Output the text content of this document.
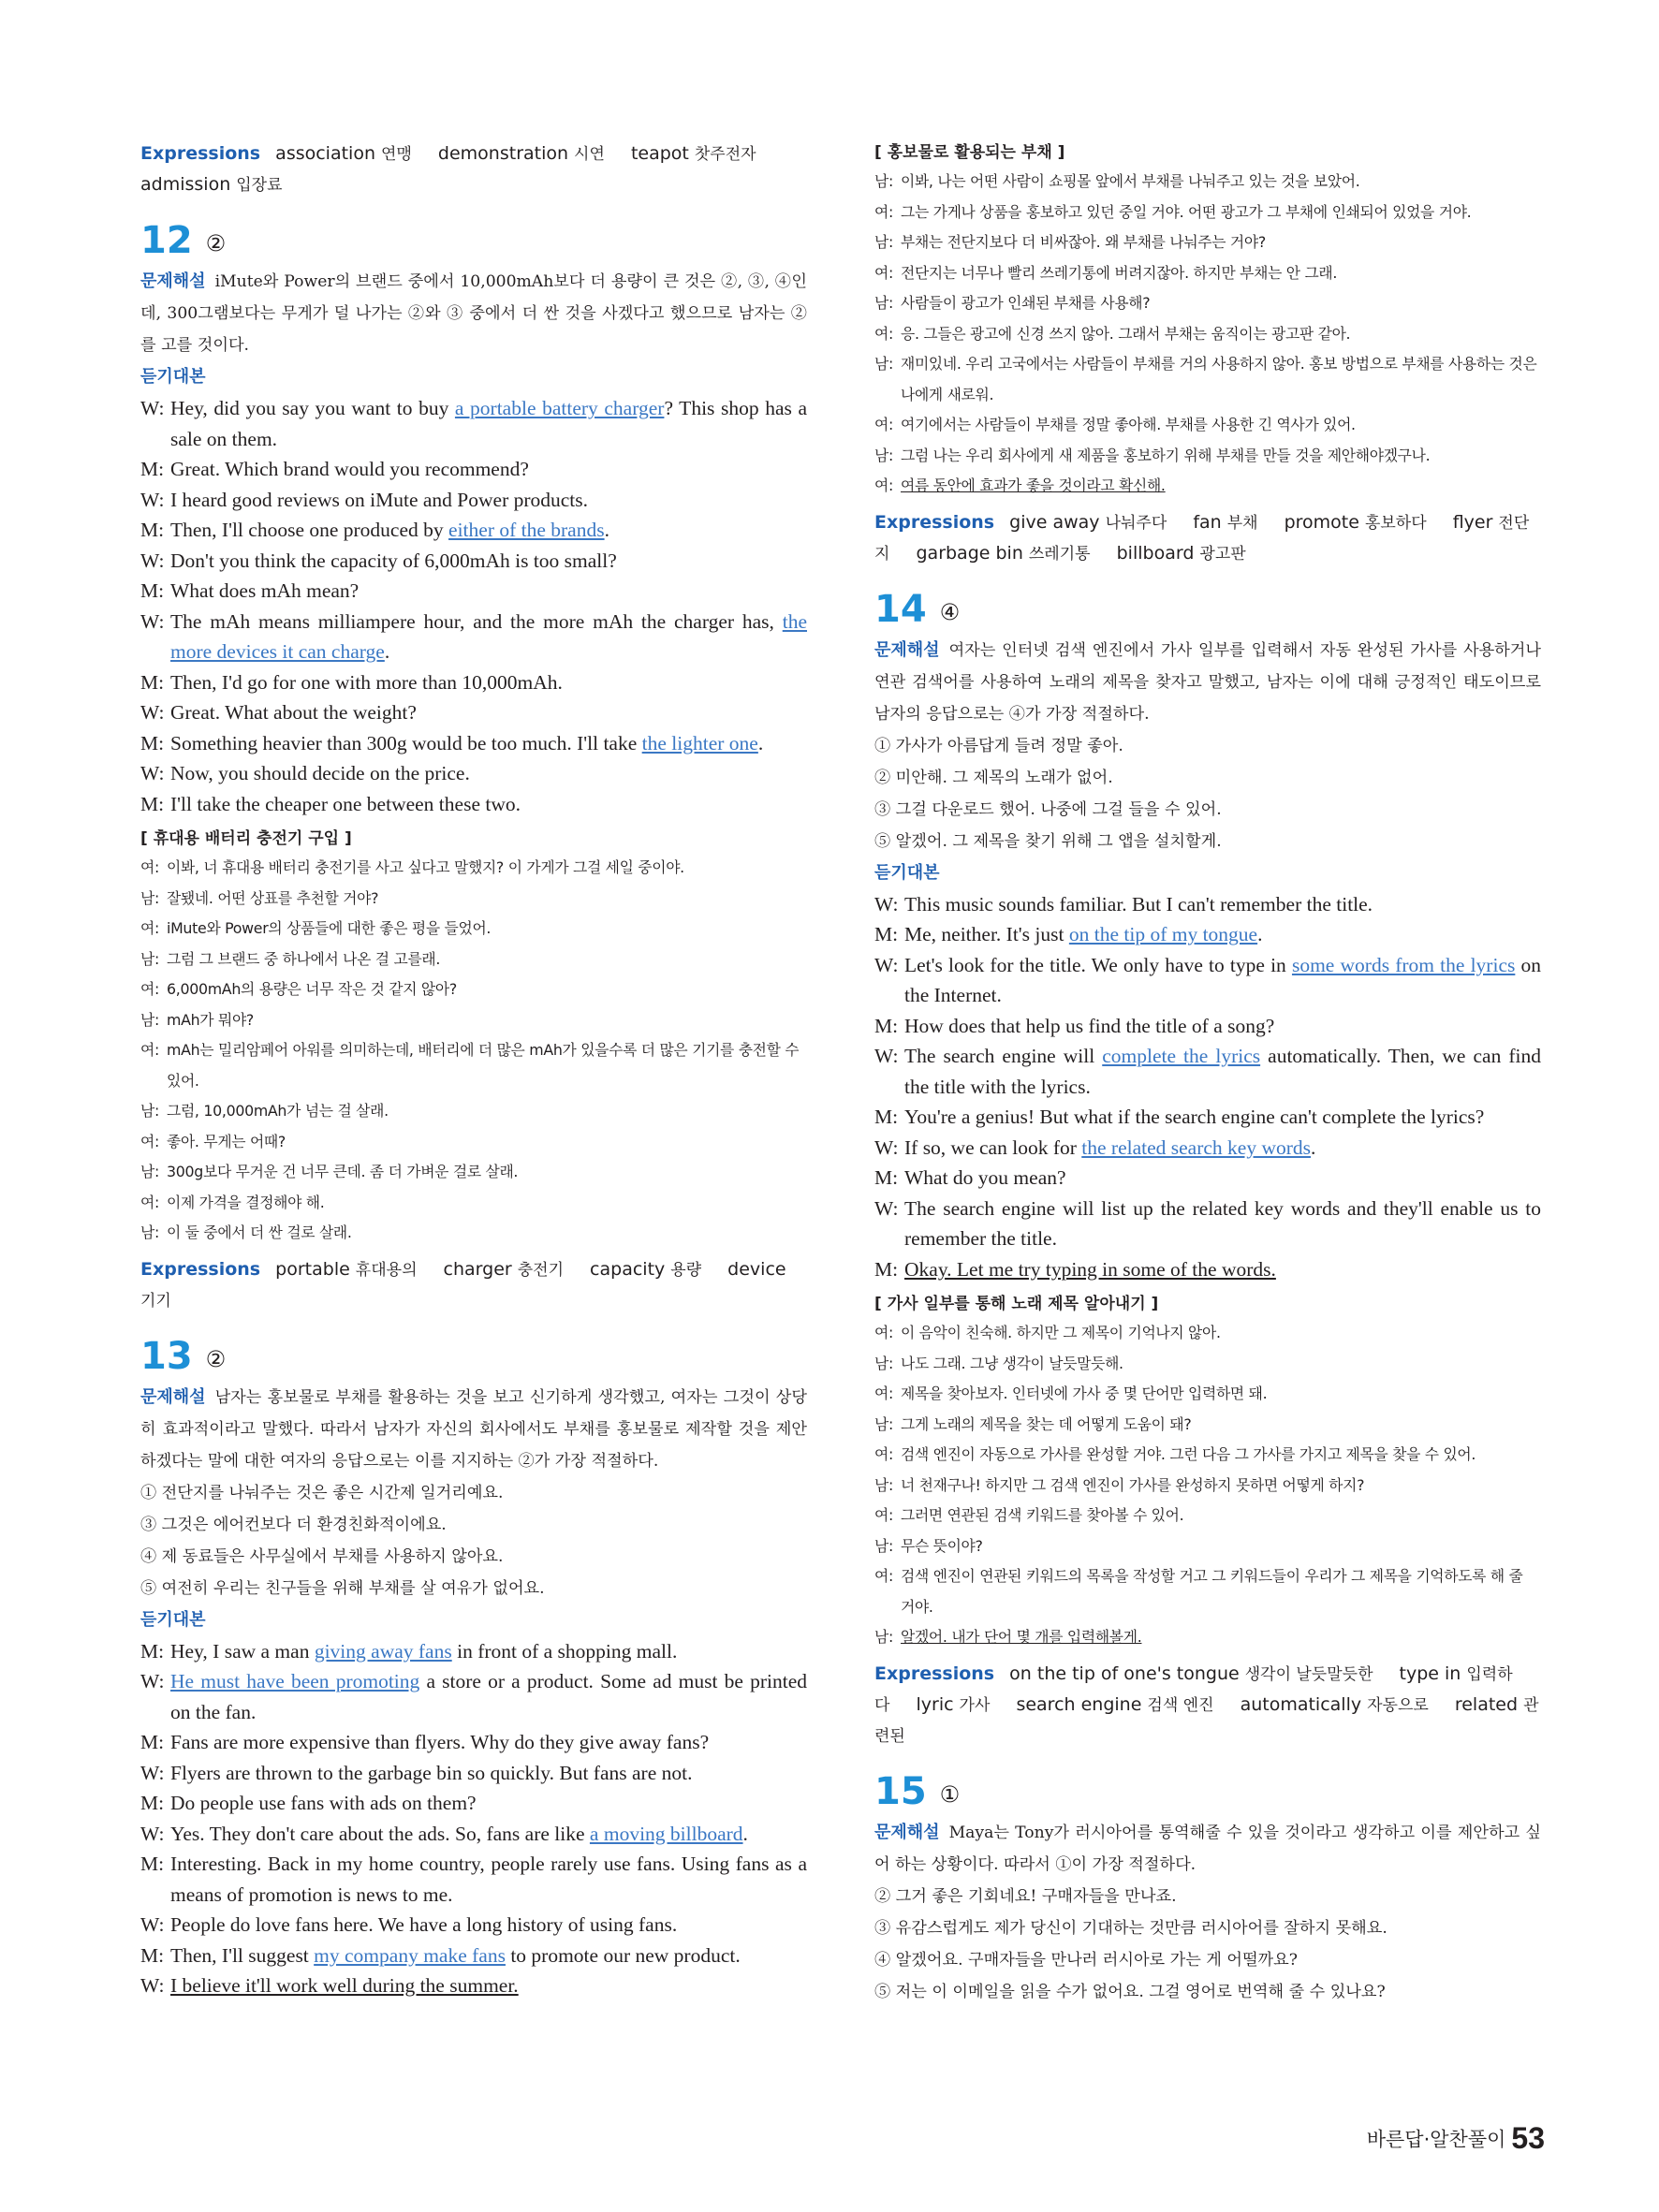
Expressions association 연맹 demonstration 시연 teapot 찻주전자 admission 입장료
12 ②
문제해설 iMute와 Power의 브랜드 중에서 10,000mAh보다 더 용량이 큰 것은 ②, ③, ④인데, 300그램보다는 무게가 덜 나가는 ②와 ③ 중에서 더 싼 것을 사겠다고 했으므로 남자는 ②를 고를 것이다.
듣기대본
W: Hey, did you say you want to buy a portable battery charger? This shop has a sale on them.
M: Great. Which brand would you recommend?
W: I heard good reviews on iMute and Power products.
M: Then, I'll choose one produced by either of the brands.
W: Don't you think the capacity of 6,000mAh is too small?
M: What does mAh mean?
W: The mAh means milliampere hour, and the more mAh the charger has, the more devices it can charge.
M: Then, I'd go for one with more than 10,000mAh.
W: Great. What about the weight?
M: Something heavier than 300g would be too much. I'll take the lighter one.
W: Now, you should decide on the price.
M: I'll take the cheaper one between these two.
[ 휴대용 배터리 충전기 구입 ]
여: 이봐, 너 휴대용 배터리 충전기를 사고 싶다고 말했지? 이 가게가 그걸 세일 중이야.
남: 잘됐네. 어떤 상표를 추천할 거야?
여: iMute와 Power의 상품들에 대한 좋은 평을 들었어.
남: 그럼 그 브랜드 중 하나에서 나온 걸 고를래.
여: 6,000mAh의 용량은 너무 작은 것 같지 않아?
남: mAh가 뭐야?
여: mAh는 밀리암페어 아워를 의미하는데, 배터리에 더 많은 mAh가 있을수록 더 많은 기기를 충전할 수 있어.
남: 그럼, 10,000mAh가 넘는 걸 살래.
여: 좋아. 무게는 어때?
남: 300g보다 무거운 건 너무 큰데. 좀 더 가벼운 걸로 살래.
여: 이제 가격을 결정해야 해.
남: 이 둘 중에서 더 싼 걸로 살래.
Expressions portable 휴대용의 charger 충전기 capacity 용량 device기기
13 ②
문제해설 남자는 홍보물로 부채를 활용하는 것을 보고 신기하게 생각했고, 여자는 그것이 상당히 효과적이라고 말했다. 따라서 남자가 자신의 회사에서도 부채를 홍보물로 제작할 것을 제안하겠다는 말에 대한 여자의 응답으로는 이를 지지하는 ②가 가장 적절하다.
① 전단지를 나눠주는 것은 좋은 시간제 일거리예요.
③ 그것은 에어컨보다 더 환경친화적이에요.
④ 제 동료들은 사무실에서 부채를 사용하지 않아요.
⑤ 여전히 우리는 친구들을 위해 부채를 살 여유가 없어요.
듣기대본
M: Hey, I saw a man giving away fans in front of a shopping mall.
W: He must have been promoting a store or a product. Some ad must be printed on the fan.
M: Fans are more expensive than flyers. Why do they give away fans?
W: Flyers are thrown to the garbage bin so quickly. But fans are not.
M: Do people use fans with ads on them?
W: Yes. They don't care about the ads. So, fans are like a moving billboard.
M: Interesting. Back in my home country, people rarely use fans. Using fans as a means of promotion is news to me.
W: People do love fans here. We have a long history of using fans.
M: Then, I'll suggest my company make fans to promote our new product.
W: I believe it'll work well during the summer.
[ 홍보물로 활용되는 부채 ]
남: 이봐, 나는 어떤 사람이 쇼핑몰 앞에서 부채를 나눠주고 있는 것을 보았어.
여: 그는 가게나 상품을 홍보하고 있던 중일 거야. 어떤 광고가 그 부채에 인쇄되어 있었을 거야.
남: 부채는 전단지보다 더 비싸잖아. 왜 부채를 나눠주는 거야?
여: 전단지는 너무나 빨리 쓰레기통에 버려지잖아. 하지만 부채는 안 그래.
남: 사람들이 광고가 인쇄된 부채를 사용해?
여: 응. 그들은 광고에 신경 쓰지 않아. 그래서 부채는 움직이는 광고판 같아.
남: 재미있네. 우리 고국에서는 사람들이 부채를 거의 사용하지 않아. 홍보 방법으로 부채를 사용하는 것은 나에게 새로워.
여: 여기에서는 사람들이 부채를 정말 좋아해. 부채를 사용한 긴 역사가 있어.
남: 그럼 나는 우리 회사에게 새 제품을 홍보하기 위해 부채를 만들 것을 제안해야겠구나.
여: 여름 동안에 효과가 좋을 것이라고 확신해.
Expressions give away 나눠주다 fan 부채 promote 홍보하다 flyer 전단지 garbage bin 쓰레기통 billboard 광고판
14 ④
문제해설 여자는 인터넷 검색 엔진에서 가사 일부를 입력해서 자동 완성된 가사를 사용하거나 연관 검색어를 사용하여 노래의 제목을 찾자고 말했고, 남자는 이에 대해 긍정적인 태도이므로 남자의 응답으로는 ④가 가장 적절하다.
① 가사가 아름답게 들려 정말 좋아.
② 미안해. 그 제목의 노래가 없어.
③ 그걸 다운로드 했어. 나중에 그걸 들을 수 있어.
⑤ 알겠어. 그 제목을 찾기 위해 그 앱을 설치할게.
듣기대본
W: This music sounds familiar. But I can't remember the title.
M: Me, neither. It's just on the tip of my tongue.
W: Let's look for the title. We only have to type in some words from the lyrics on the Internet.
M: How does that help us find the title of a song?
W: The search engine will complete the lyrics automatically. Then, we can find the title with the lyrics.
M: You're a genius! But what if the search engine can't complete the lyrics?
W: If so, we can look for the related search key words.
M: What do you mean?
W: The search engine will list up the related key words and they'll enable us to remember the title.
M: Okay. Let me try typing in some of the words.
[ 가사 일부를 통해 노래 제목 알아내기 ]
여: 이 음악이 친숙해. 하지만 그 제목이 기억나지 않아.
남: 나도 그래. 그냥 생각이 날듯말듯해.
여: 제목을 찾아보자. 인터넷에 가사 중 몇 단어만 입력하면 돼.
남: 그게 노래의 제목을 찾는 데 어떻게 도움이 돼?
여: 검색 엔진이 자동으로 가사를 완성할 거야. 그런 다음 그 가사를 가지고 제목을 찾을 수 있어.
남: 너 천재구나! 하지만 그 검색 엔진이 가사를 완성하지 못하면 어떻게 하지?
여: 그러면 연관된 검색 키워드를 찾아볼 수 있어.
남: 무슨 뜻이야?
여: 검색 엔진이 연관된 키워드의 목록을 작성할 거고 그 키워드들이 우리가 그 제목을 기억하도록 해 줄 거야.
남: 알겠어. 내가 단어 몇 개를 입력해볼게.
Expressions on the tip of one's tongue 생각이 날듯말듯한 type in 입력하다 lyric 가사 search engine 검색 엔진 automatically 자동으로 related 관련된
15 ①
문제해설 Maya는 Tony가 러시아어를 통역해줄 수 있을 것이라고 생각하고 이를 제안하고 싶어 하는 상황이다. 따라서 ①이 가장 적절하다.
② 그거 좋은 기회네요! 구매자들을 만나죠.
③ 유감스럽게도 제가 당신이 기대하는 것만큼 러시아어를 잘하지 못해요.
④ 알겠어요. 구매자들을 만나러 러시아로 가는 게 어떨까요?
⑤ 저는 이 이메일을 읽을 수가 없어요. 그걸 영어로 번역해 줄 수 있나요?
바른답·알찬풀이 53
